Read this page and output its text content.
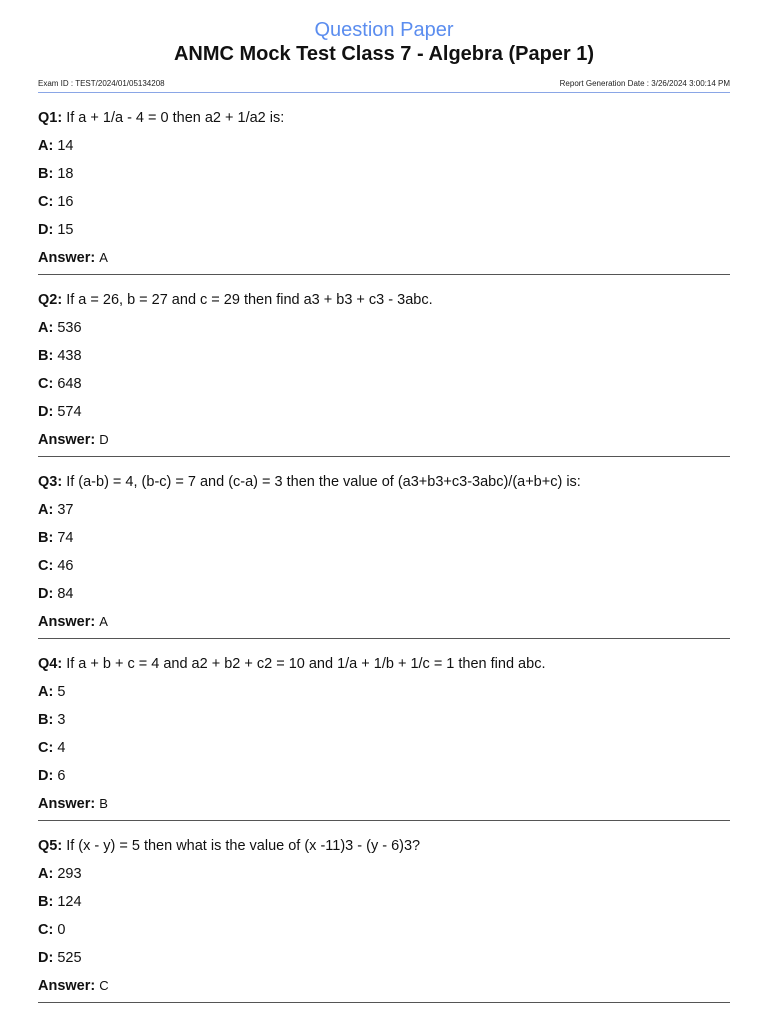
Question Paper
ANMC Mock Test Class 7 - Algebra (Paper 1)
Exam ID : TEST/2024/01/05134208	Report Generation Date : 3/26/2024 3:00:14 PM
Q1: If a + 1/a - 4 = 0 then a2 + 1/a2 is:
A: 14
B: 18
C: 16
D: 15
Answer: A
Q2: If a = 26, b = 27 and c = 29 then find a3 + b3 + c3 - 3abc.
A: 536
B: 438
C: 648
D: 574
Answer: D
Q3: If (a-b) = 4, (b-c) = 7 and (c-a) = 3 then the value of (a3+b3+c3-3abc)/(a+b+c) is:
A: 37
B: 74
C: 46
D: 84
Answer: A
Q4: If a + b + c = 4 and a2 + b2 + c2 = 10 and 1/a + 1/b + 1/c = 1 then find abc.
A: 5
B: 3
C: 4
D: 6
Answer: B
Q5: If (x - y) = 5 then what is the value of (x -11)3 - (y - 6)3?
A: 293
B: 124
C: 0
D: 525
Answer: C
